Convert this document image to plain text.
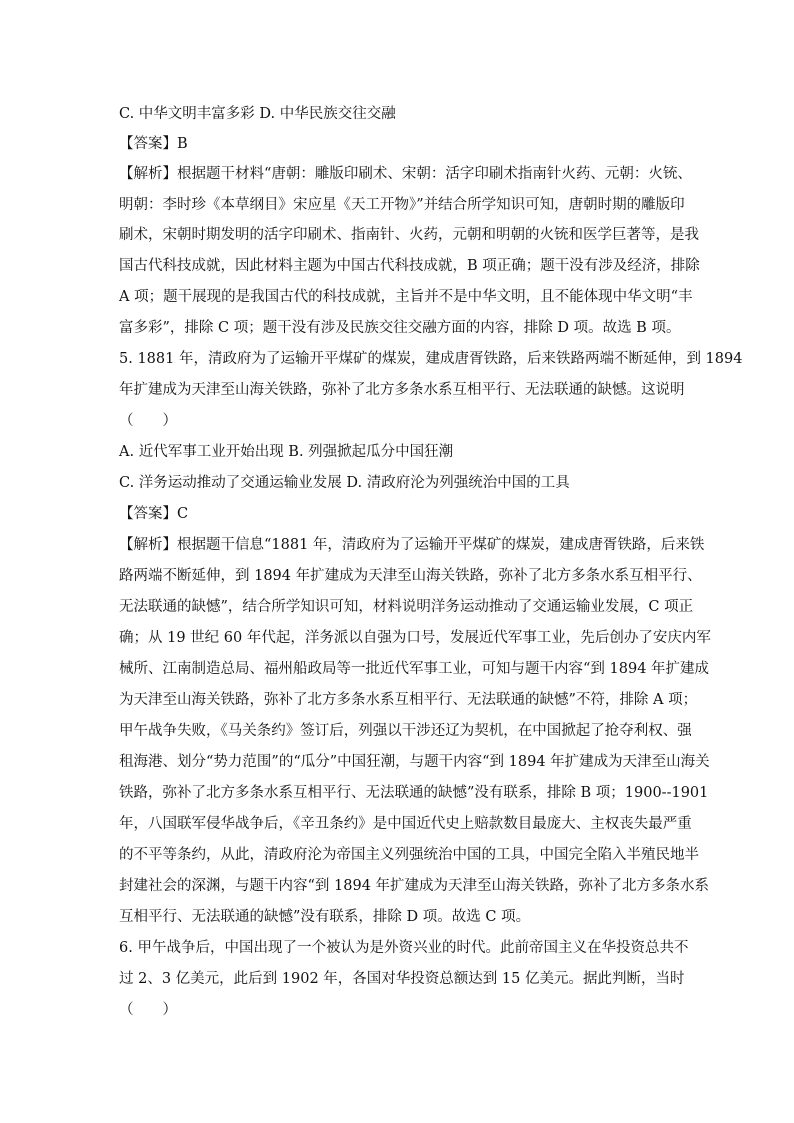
C. 中华文明丰富多彩 D. 中华民族交往交融
【答案】B
【解析】根据题干材料“唐朝：雕版印刷术、宋朝：活字印刷术指南针火药、元朝：火铳、
明朝：李时珍《本草纲目》宋应星《天工开物》”并结合所学知识可知，唐朝时期的雕版印
刷术，宋朝时期发明的活字印刷术、指南针、火药，元朝和明朝的火铳和医学巨著等，是我
国古代科技成就，因此材料主题为中国古代科技成就，B 项正确；题干没有涉及经济，排除
A 项；题干展现的是我国古代的科技成就，主旨并不是中华文明，且不能体现中华文明“丰
富多彩”，排除 C 项；题干没有涉及民族交往交融方面的内容，排除 D 项。故选 B 项。
5. 1881 年，清政府为了运输开平煤矿的煤炭，建成唐胥铁路，后来铁路两端不断延伸，到 1894
年扩建成为天津至山海关铁路，弥补了北方多条水系互相平行、无法联通的缺憾。这说明
（　　）
A. 近代军事工业开始出现 B. 列强掀起瓜分中国狂潮
C. 洋务运动推动了交通运输业发展 D. 清政府沦为列强统治中国的工具
【答案】C
【解析】根据题干信息“1881 年，清政府为了运输开平煤矿的煤炭，建成唐胥铁路，后来铁
路两端不断延伸，到 1894 年扩建成为天津至山海关铁路，弥补了北方多条水系互相平行、
无法联通的缺憾”，结合所学知识可知，材料说明洋务运动推动了交通运输业发展，C 项正
确；从 19 世纪 60 年代起，洋务派以自强为口号，发展近代军事工业，先后创办了安庆内军
械所、江南制造总局、福州船政局等一批近代军事工业，可知与题干内容“到 1894 年扩建成
为天津至山海关铁路，弥补了北方多条水系互相平行、无法联通的缺憾”不符，排除 A 项；
甲午战争失败，《马关条约》签订后，列强以干涉还辽为契机，在中国掀起了抢夺利权、强
租海港、划分“势力范围”的“瓜分”中国狂潮，与题干内容“到 1894 年扩建成为天津至山海关
铁路，弥补了北方多条水系互相平行、无法联通的缺憾”没有联系，排除 B 项；1900--1901
年，八国联军侵华战争后，《辛丑条约》是中国近代史上赔款数目最庞大、主权丧失最严重
的不平等条约，从此，清政府沦为帝国主义列强统治中国的工具，中国完全陷入半殖民地半
封建社会的深渊，与题干内容“到 1894 年扩建成为天津至山海关铁路，弥补了北方多条水系
互相平行、无法联通的缺憾”没有联系，排除 D 项。故选 C 项。
6. 甲午战争后，中国出现了一个被认为是外资兴业的时代。此前帝国主义在华投资总共不
过 2、3 亿美元，此后到 1902 年，各国对华投资总额达到 15 亿美元。据此判断，当时
（　　）
